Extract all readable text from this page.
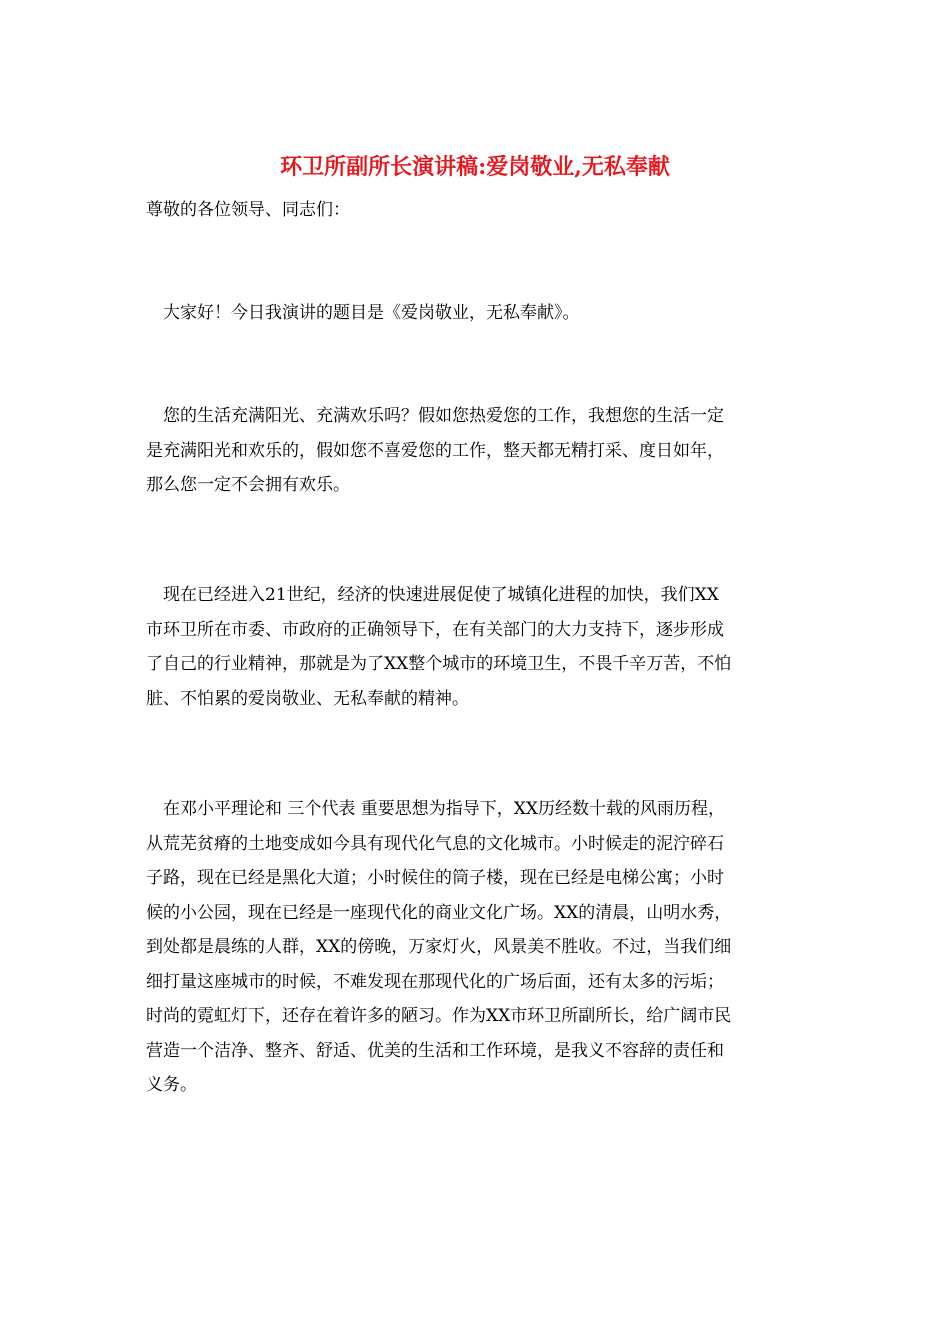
环卫所副所长演讲稿:爱岗敬业,无私奉献
尊敬的各位领导、同志们：
　大家好！今日我演讲的题目是《爱岗敬业，无私奉献》。
　您的生活充满阳光、充满欢乐吗？假如您热爱您的工作，我想您的生活一定
是充满阳光和欢乐的，假如您不喜爱您的工作，整天都无精打采、度日如年，
那么您一定不会拥有欢乐。
　现在已经进入21世纪，经济的快速进展促使了城镇化进程的加快，我们XX
市环卫所在市委、市政府的正确领导下，在有关部门的大力支持下，逐步形成
了自己的行业精神，那就是为了XX整个城市的环境卫生，不畏千辛万苦，不怕
脏、不怕累的爱岗敬业、无私奉献的精神。
　在邓小平理论和 三个代表 重要思想为指导下，XX历经数十载的风雨历程，
从荒芜贫瘠的土地变成如今具有现代化气息的文化城市。小时候走的泥泞碎石
子路，现在已经是黑化大道；小时候住的筒子楼，现在已经是电梯公寓；小时
候的小公园，现在已经是一座现代化的商业文化广场。XX的清晨，山明水秀，
到处都是晨练的人群，XX的傍晚，万家灯火，风景美不胜收。不过，当我们细
细打量这座城市的时候，不难发现在那现代化的广场后面，还有太多的污垢；
时尚的霓虹灯下，还存在着许多的陋习。作为XX市环卫所副所长，给广阔市民
营造一个洁净、整齐、舒适、优美的生活和工作环境，是我义不容辞的责任和
义务。
